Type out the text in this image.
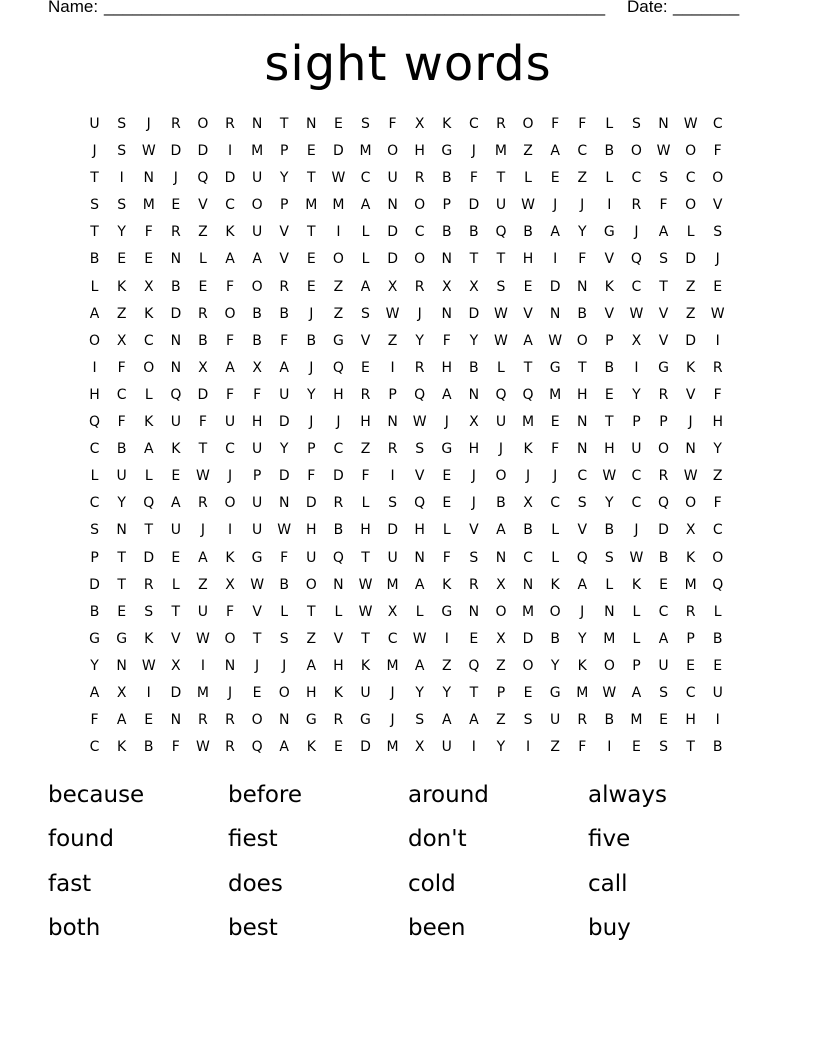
Name: _____________________________________________________ Date: _______
sight words
U	S	J	R	O	R	N	T	N	E	S	F	X	K	C	R	O	F	F	L	S	N	W	C
J	S	W	D	D	I	M	P	E	D	M	O	H	G	J	M	Z	A	C	B	O	W	O	F
T	I	N	J	Q	D	U	Y	T	W	C	U	R	B	F	T	L	E	Z	L	C	S	C	O
S	S	M	E	V	C	O	P	M	M	A	N	O	P	D	U	W	J	J	I	R	F	O	V
T	Y	F	R	Z	K	U	V	T	I	L	D	C	B	B	Q	B	A	Y	G	J	A	L	S
B	E	E	N	L	A	A	V	E	O	L	D	O	N	T	T	H	I	F	V	Q	S	D	J
L	K	X	B	E	F	O	R	E	Z	A	X	R	X	X	S	E	D	N	K	C	T	Z	E
A	Z	K	D	R	O	B	B	J	Z	S	W	J	N	D	W	V	N	B	V	W	V	Z	W
O	X	C	N	B	F	B	F	B	G	V	Z	Y	F	Y	W	A	W	O	P	X	V	D	I
I	F	O	N	X	A	X	A	J	Q	E	I	R	H	B	L	T	G	T	B	I	G	K	R
H	C	L	Q	D	F	F	U	Y	H	R	P	Q	A	N	Q	Q	M	H	E	Y	R	V	F
Q	F	K	U	F	U	H	D	J	J	H	N	W	J	X	U	M	E	N	T	P	P	J	H
C	B	A	K	T	C	U	Y	P	C	Z	R	S	G	H	J	K	F	N	H	U	O	N	Y
L	U	L	E	W	J	P	D	F	D	F	I	V	E	J	O	J	J	C	W	C	R	W	Z
C	Y	Q	A	R	O	U	N	D	R	L	S	Q	E	J	B	X	C	S	Y	C	Q	O	F
S	N	T	U	J	I	U	W	H	B	H	D	H	L	V	A	B	L	V	B	J	D	X	C
P	T	D	E	A	K	G	F	U	Q	T	U	N	F	S	N	C	L	Q	S	W	B	K	O
D	T	R	L	Z	X	W	B	O	N	W	M	A	K	R	X	N	K	A	L	K	E	M	Q
B	E	S	T	U	F	V	L	T	L	W	X	L	G	N	O	M	O	J	N	L	C	R	L
G	G	K	V	W	O	T	S	Z	V	T	C	W	I	E	X	D	B	Y	M	L	A	P	B
Y	N	W	X	I	N	J	J	A	H	K	M	A	Z	Q	Z	O	Y	K	O	P	U	E	E
A	X	I	D	M	J	E	O	H	K	U	J	Y	Y	T	P	E	G	M	W	A	S	C	U
F	A	E	N	R	R	O	N	G	R	G	J	S	A	A	Z	S	U	R	B	M	E	H	I
C	K	B	F	W	R	Q	A	K	E	D	M	X	U	I	Y	I	Z	F	I	E	S	T	B
because	before	around	always
found	fiest	don't	five
fast	does	cold	call
both	best	been	buy
